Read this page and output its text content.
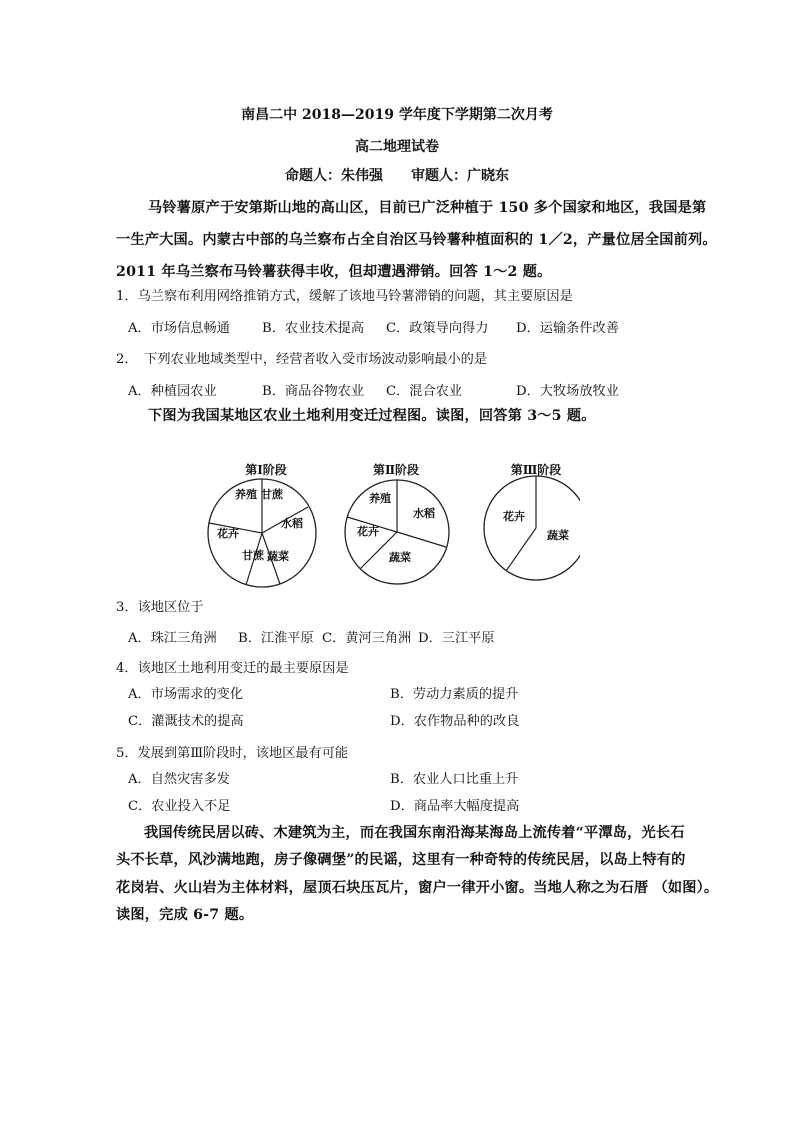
南昌二中 2018—2019 学年度下学期第二次月考
高二地理试卷
命题人：朱伟强　　审题人：广晓东
马铃薯原产于安第斯山地的高山区，目前已广泛种植于 150 多个国家和地区，我国是第
一生产大国。内蒙古中部的乌兰察布占全自治区马铃薯种植面积的 1／2，产量位居全国前列。
2011 年乌兰察布马铃薯获得丰收，但却遭遇滞销。回答 1～2 题。
1．乌兰察布利用网络推销方式，缓解了该地马铃薯滞销的问题，其主要原因是
A．市场信息畅通 B．农业技术提高 C．政策导向得力 D．运输条件改善
2．　下列农业地域类型中，经营者收入受市场波动影响最小的是
A．种植园农业	B．商品谷物农业 C．混合农业	D．大牧场放牧业
下图为我国某地区农业土地利用变迁过程图。读图，回答第 3～5 题。
第Ⅰ阶段
养殖 甘蔗
水稻
蔬菜
甘蔗
花卉
第Ⅱ阶段
养殖
水稻
蔬菜
花卉
第Ⅲ阶段
花卉
蔬菜
3．该地区位于
A．珠江三角洲 B．江淮平原 C．黄河三角洲 D．三江平原
4．该地区土地利用变迁的最主要原因是
A．市场需求的变化	B．劳动力素质的提升
C．灌溉技术的提高	D．农作物品种的改良
5．发展到第Ⅲ阶段时，该地区最有可能
A．自然灾害多发	B．农业人口比重上升
C．农业投入不足	D．商品率大幅度提高
我国传统民居以砖、木建筑为主，而在我国东南沿海某海岛上流传着“平潭岛，光长石
头不长草，风沙满地跑，房子像碉堡”的民谣，这里有一种奇特的传统民居，以岛上特有的
花岗岩、火山岩为主体材料，屋顶石块压瓦片，窗户一律开小窗。当地人称之为石厝 （如图）。
读图，完成 6-7 题。
